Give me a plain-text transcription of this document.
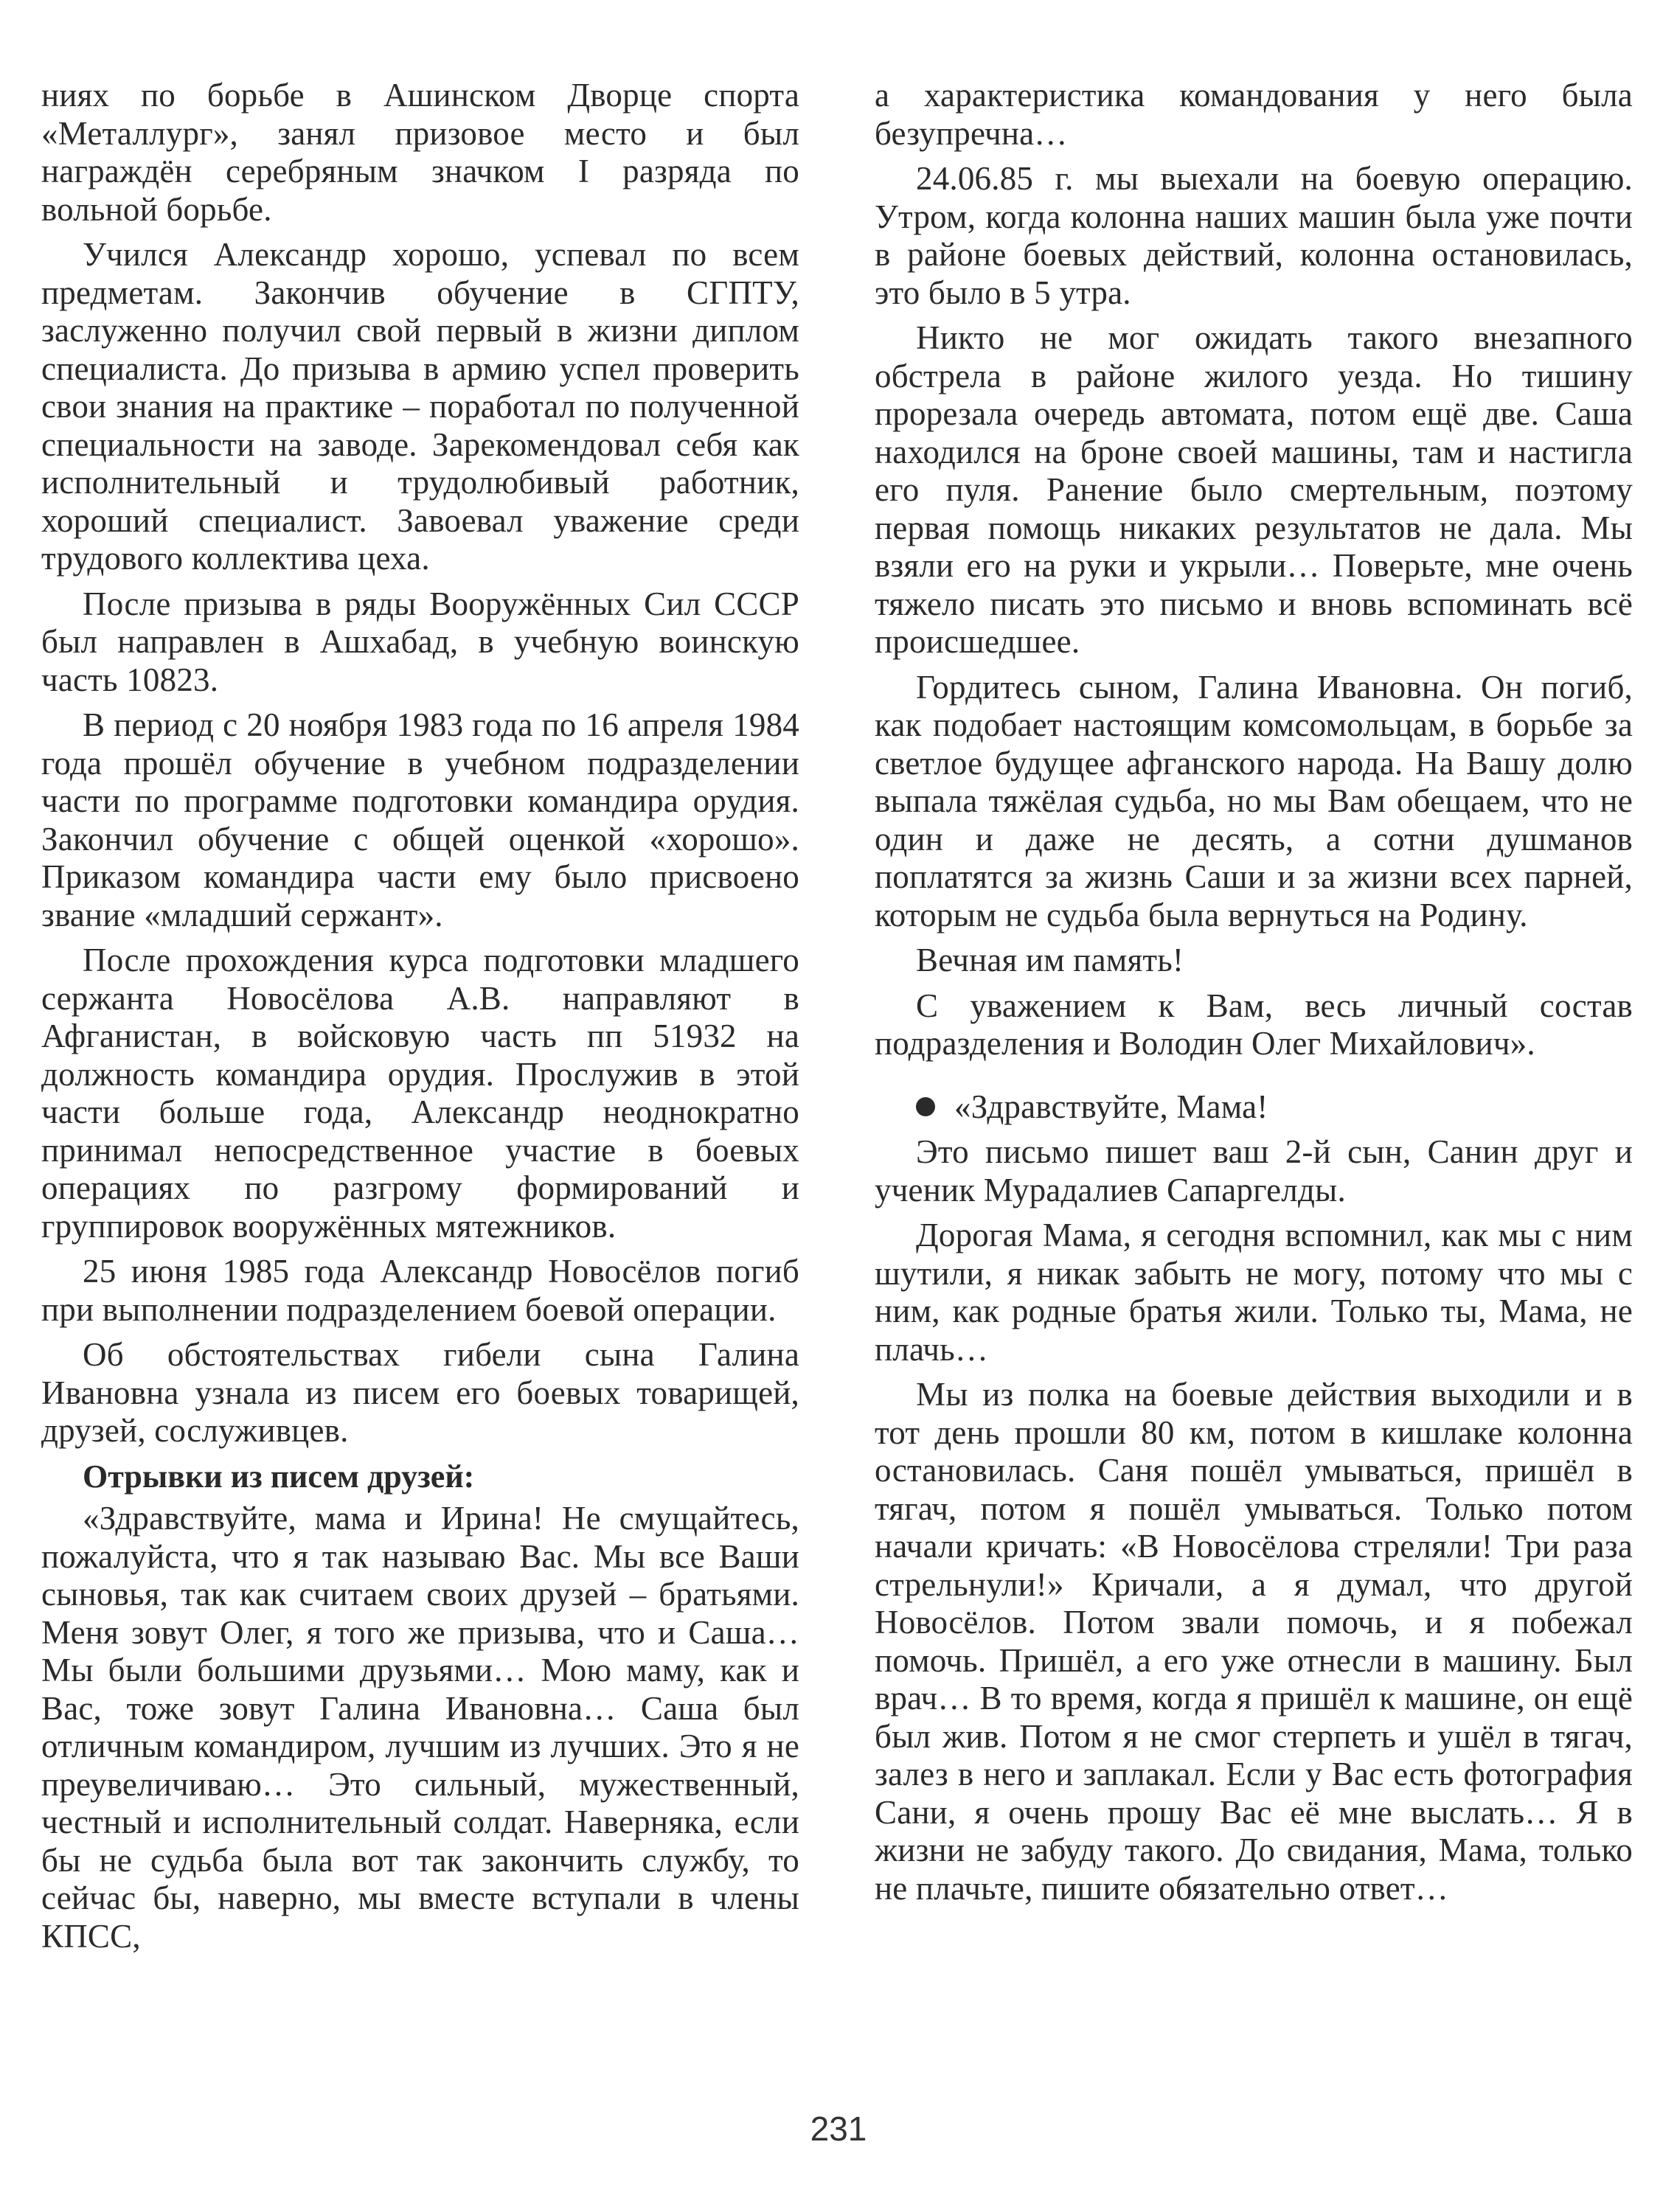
ниях по борьбе в Ашинском Дворце спорта «Металлург», занял призовое место и был награждён серебряным значком I разряда по вольной борьбе.

Учился Александр хорошо, успевал по всем предметам. Закончив обучение в СГПТУ, заслуженно получил свой первый в жизни диплом специалиста. До призыва в армию успел проверить свои знания на практике – поработал по полученной специальности на заводе. Зарекомендовал себя как исполнительный и трудолюбивый работник, хороший специалист. Завоевал уважение среди трудового коллектива цеха.

После призыва в ряды Вооружённых Сил СССР был направлен в Ашхабад, в учебную воинскую часть 10823.

В период с 20 ноября 1983 года по 16 апреля 1984 года прошёл обучение в учебном подразделении части по программе подготовки командира орудия. Закончил обучение с общей оценкой «хорошо». Приказом командира части ему было присвоено звание «младший сержант».

После прохождения курса подготовки младшего сержанта Новосёлова А.В. направляют в Афганистан, в войсковую часть пп 51932 на должность командира орудия. Прослужив в этой части больше года, Александр неоднократно принимал непосредственное участие в боевых операциях по разгрому формирований и группировок вооружённых мятежников.

25 июня 1985 года Александр Новосёлов погиб при выполнении подразделением боевой операции.

Об обстоятельствах гибели сына Галина Ивановна узнала из писем его боевых товарищей, друзей, сослуживцев.

Отрывки из писем друзей:

«Здравствуйте, мама и Ирина! Не смущайтесь, пожалуйста, что я так называю Вас. Мы все Ваши сыновья, так как считаем своих друзей – братьями. Меня зовут Олег, я того же призыва, что и Саша… Мы были большими друзьями… Мою маму, как и Вас, тоже зовут Галина Ивановна… Саша был отличным командиром, лучшим из лучших. Это я не преувеличиваю… Это сильный, мужественный, честный и исполнительный солдат. Наверняка, если бы не судьба была вот так закончить службу, то сейчас бы, наверно, мы вместе вступали в члены КПСС,

а характеристика командования у него была безупречна…

24.06.85 г. мы выехали на боевую операцию. Утром, когда колонна наших машин была уже почти в районе боевых действий, колонна остановилась, это было в 5 утра.

Никто не мог ожидать такого внезапного обстрела в районе жилого уезда. Но тишину прорезала очередь автомата, потом ещё две. Саша находился на броне своей машины, там и настигла его пуля. Ранение было смертельным, поэтому первая помощь никаких результатов не дала. Мы взяли его на руки и укрыли… Поверьте, мне очень тяжело писать это письмо и вновь вспоминать всё происшедшее.

Гордитесь сыном, Галина Ивановна. Он погиб, как подобает настоящим комсомольцам, в борьбе за светлое будущее афганского народа. На Вашу долю выпала тяжёлая судьба, но мы Вам обещаем, что не один и даже не десять, а сотни душманов поплатятся за жизнь Саши и за жизни всех парней, которым не судьба была вернуться на Родину.

Вечная им память!

С уважением к Вам, весь личный состав подразделения и Володин Олег Михайлович».

«Здравствуйте, Мама!

Это письмо пишет ваш 2-й сын, Санин друг и ученик Мурадалиев Сапаргелды.

Дорогая Мама, я сегодня вспомнил, как мы с ним шутили, я никак забыть не могу, потому что мы с ним, как родные братья жили. Только ты, Мама, не плачь…

Мы из полка на боевые действия выходили и в тот день прошли 80 км, потом в кишлаке колонна остановилась. Саня пошёл умываться, пришёл в тягач, потом я пошёл умываться. Только потом начали кричать: «В Новосёлова стреляли! Три раза стрельнули!» Кричали, а я думал, что другой Новосёлов. Потом звали помочь, и я побежал помочь. Пришёл, а его уже отнесли в машину. Был врач… В то время, когда я пришёл к машине, он ещё был жив. Потом я не смог стерпеть и ушёл в тягач, залез в него и заплакал. Если у Вас есть фотография Сани, я очень прошу Вас её мне выслать… Я в жизни не забуду такого. До свидания, Мама, только не плачьте, пишите обязательно ответ…

231
